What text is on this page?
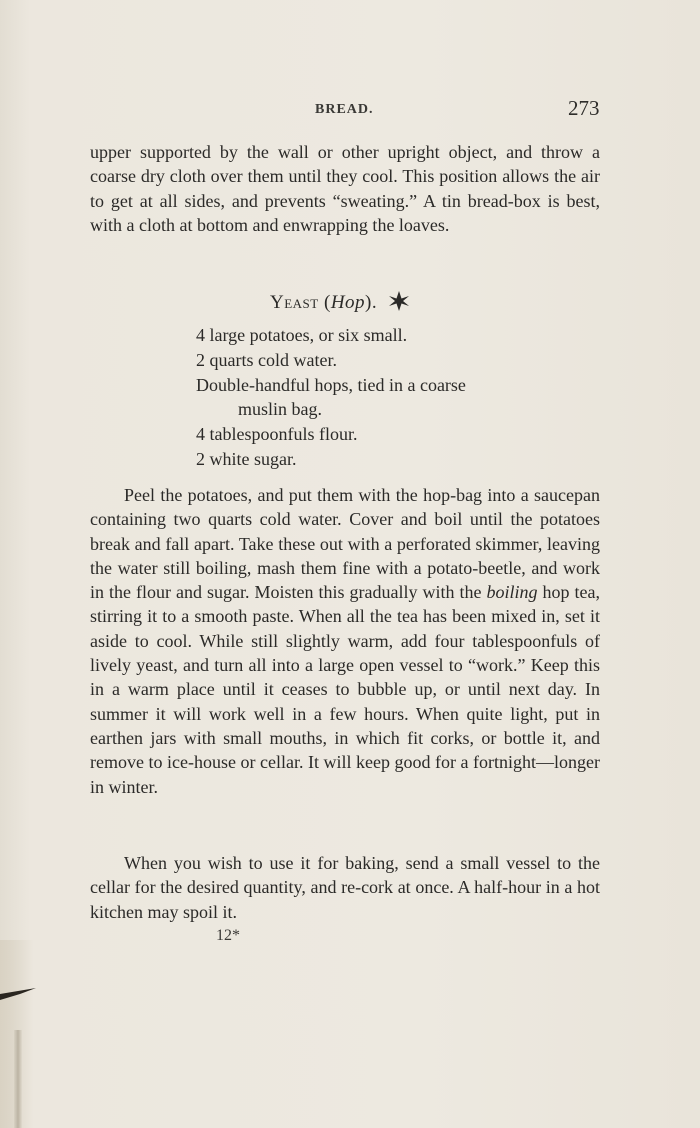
BREAD.	273

upper supported by the wall or other upright object, and throw a coarse dry cloth over them until they cool. This position allows the air to get at all sides, and prevents “sweating.” A tin bread-box is best, with a cloth at bottom and enwrapping the loaves.

Yeast (Hop).
4 large potatoes, or six small.
2 quarts cold water.
Double-handful hops, tied in a coarse
muslin bag.
4 tablespoonfuls flour.
2 white sugar.

Peel the potatoes, and put them with the hop-bag into a saucepan containing two quarts cold water. Cover and boil until the potatoes break and fall apart. Take these out with a perforated skimmer, leaving the water still boiling, mash them fine with a potato-beetle, and work in the flour and sugar. Moisten this gradually with the boiling hop tea, stirring it to a smooth paste. When all the tea has been mixed in, set it aside to cool. While still slightly warm, add four tablespoonfuls of lively yeast, and turn all into a large open vessel to “work.” Keep this in a warm place until it ceases to bubble up, or until next day. In summer it will work well in a few hours. When quite light, put in earthen jars with small mouths, in which fit corks, or bottle it, and remove to ice-house or cellar. It will keep good for a fortnight—longer in winter.

When you wish to use it for baking, send a small vessel to the cellar for the desired quantity, and re-cork at once. A half-hour in a hot kitchen may spoil it.

12*
